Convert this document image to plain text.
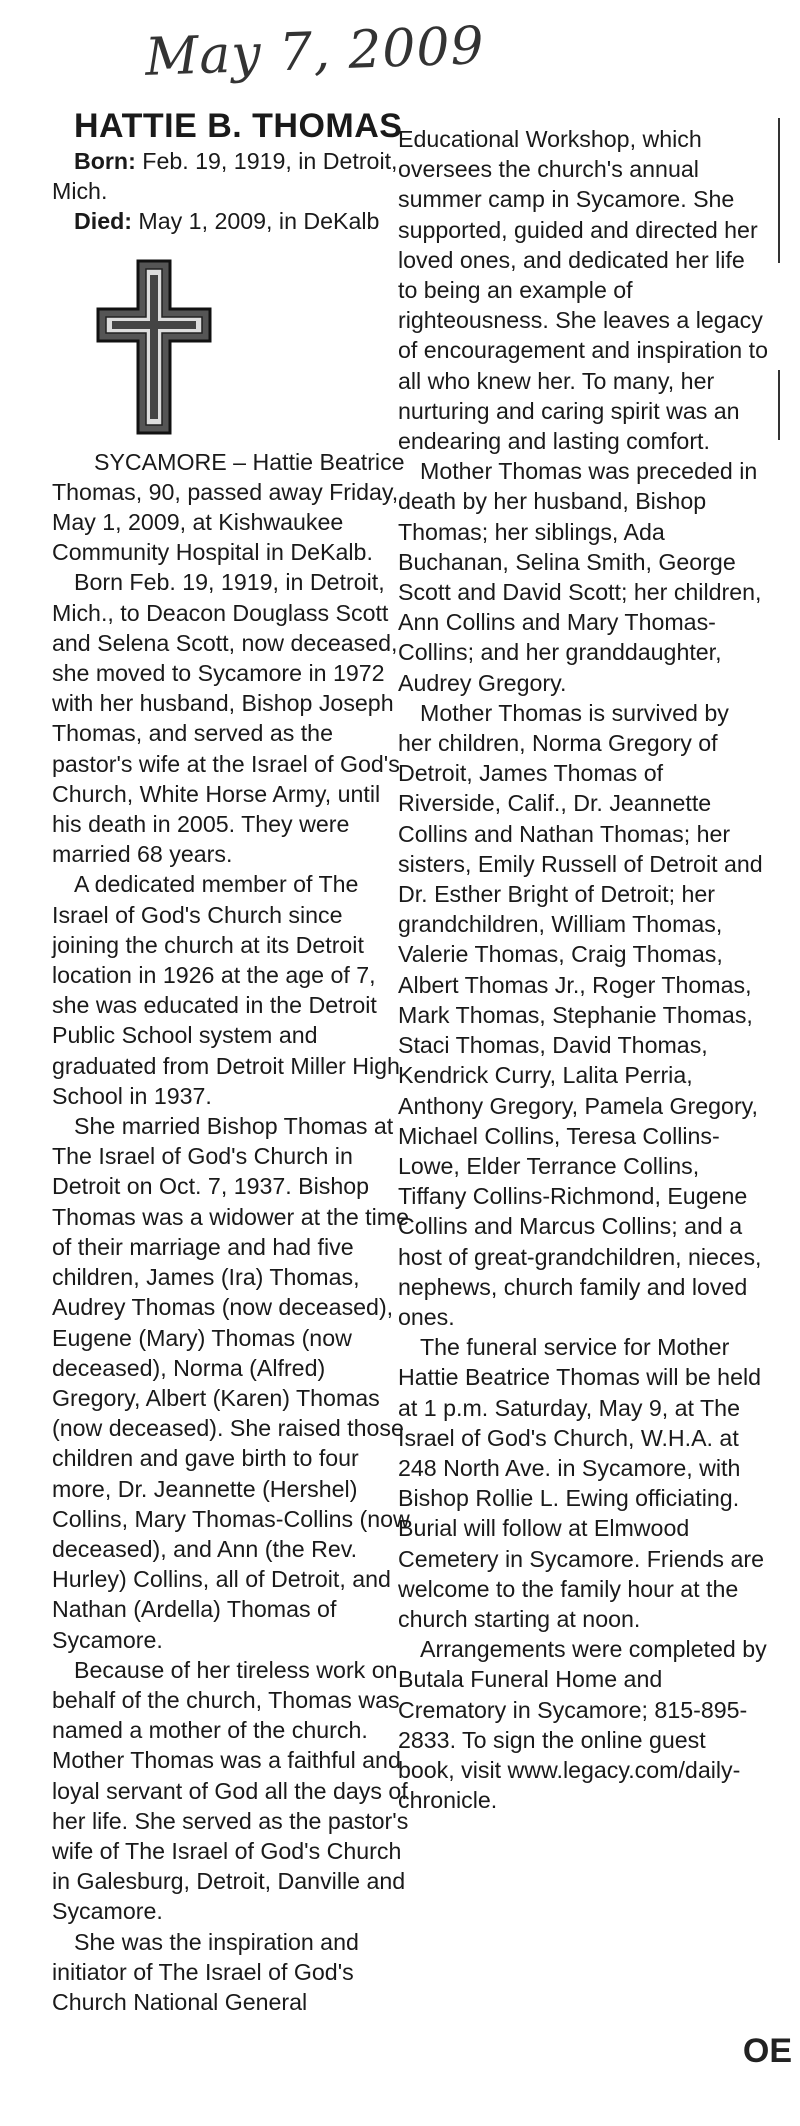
May 7, 2009

HATTIE B. THOMAS

Born: Feb. 19, 1919, in Detroit, Mich.

Died: May 1, 2009, in DeKalb

SYCAMORE – Hattie Beatrice Thomas, 90, passed away Friday, May 1, 2009, at Kishwaukee Community Hospital in DeKalb.

Born Feb. 19, 1919, in Detroit, Mich., to Deacon Douglass Scott and Selena Scott, now deceased, she moved to Sycamore in 1972 with her husband, Bishop Joseph Thomas, and served as the pastor's wife at the Israel of God's Church, White Horse Army, until his death in 2005. They were married 68 years.

A dedicated member of The Israel of God's Church since joining the church at its Detroit location in 1926 at the age of 7, she was educated in the Detroit Public School system and graduated from Detroit Miller High School in 1937.

She married Bishop Thomas at The Israel of God's Church in Detroit on Oct. 7, 1937. Bishop Thomas was a widower at the time of their marriage and had five children, James (Ira) Thomas, Audrey Thomas (now deceased), Eugene (Mary) Thomas (now deceased), Norma (Alfred) Gregory, Albert (Karen) Thomas (now deceased). She raised those children and gave birth to four more, Dr. Jeannette (Hershel) Collins, Mary Thomas-Collins (now deceased), and Ann (the Rev. Hurley) Collins, all of Detroit, and Nathan (Ardella) Thomas of Sycamore.

Because of her tireless work on behalf of the church, Thomas was named a mother of the church. Mother Thomas was a faithful and loyal servant of God all the days of her life. She served as the pastor's wife of The Israel of God's Church in Galesburg, Detroit, Danville and Sycamore.

She was the inspiration and initiator of The Israel of God's Church National General

Educational Workshop, which oversees the church's annual summer camp in Sycamore. She supported, guided and directed her loved ones, and dedicated her life to being an example of righteousness. She leaves a legacy of encouragement and inspiration to all who knew her. To many, her nurturing and caring spirit was an endearing and lasting comfort.

Mother Thomas was preceded in death by her husband, Bishop Thomas; her siblings, Ada Buchanan, Selina Smith, George Scott and David Scott; her children, Ann Collins and Mary Thomas-Collins; and her granddaughter, Audrey Gregory.

Mother Thomas is survived by her children, Norma Gregory of Detroit, James Thomas of Riverside, Calif., Dr. Jeannette Collins and Nathan Thomas; her sisters, Emily Russell of Detroit and Dr. Esther Bright of Detroit; her grandchildren, William Thomas, Valerie Thomas, Craig Thomas, Albert Thomas Jr., Roger Thomas, Mark Thomas, Stephanie Thomas, Staci Thomas, David Thomas, Kendrick Curry, Lalita Perria, Anthony Gregory, Pamela Gregory, Michael Collins, Teresa Collins-Lowe, Elder Terrance Collins, Tiffany Collins-Richmond, Eugene Collins and Marcus Collins; and a host of great-grandchildren, nieces, nephews, church family and loved ones.

The funeral service for Mother Hattie Beatrice Thomas will be held at 1 p.m. Saturday, May 9, at The Israel of God's Church, W.H.A. at 248 North Ave. in Sycamore, with Bishop Rollie L. Ewing officiating. Burial will follow at Elmwood Cemetery in Sycamore. Friends are welcome to the family hour at the church starting at noon.

Arrangements were completed by Butala Funeral Home and Crematory in Sycamore; 815-895-2833. To sign the online guest book, visit www.legacy.com/daily-chronicle.

OE
